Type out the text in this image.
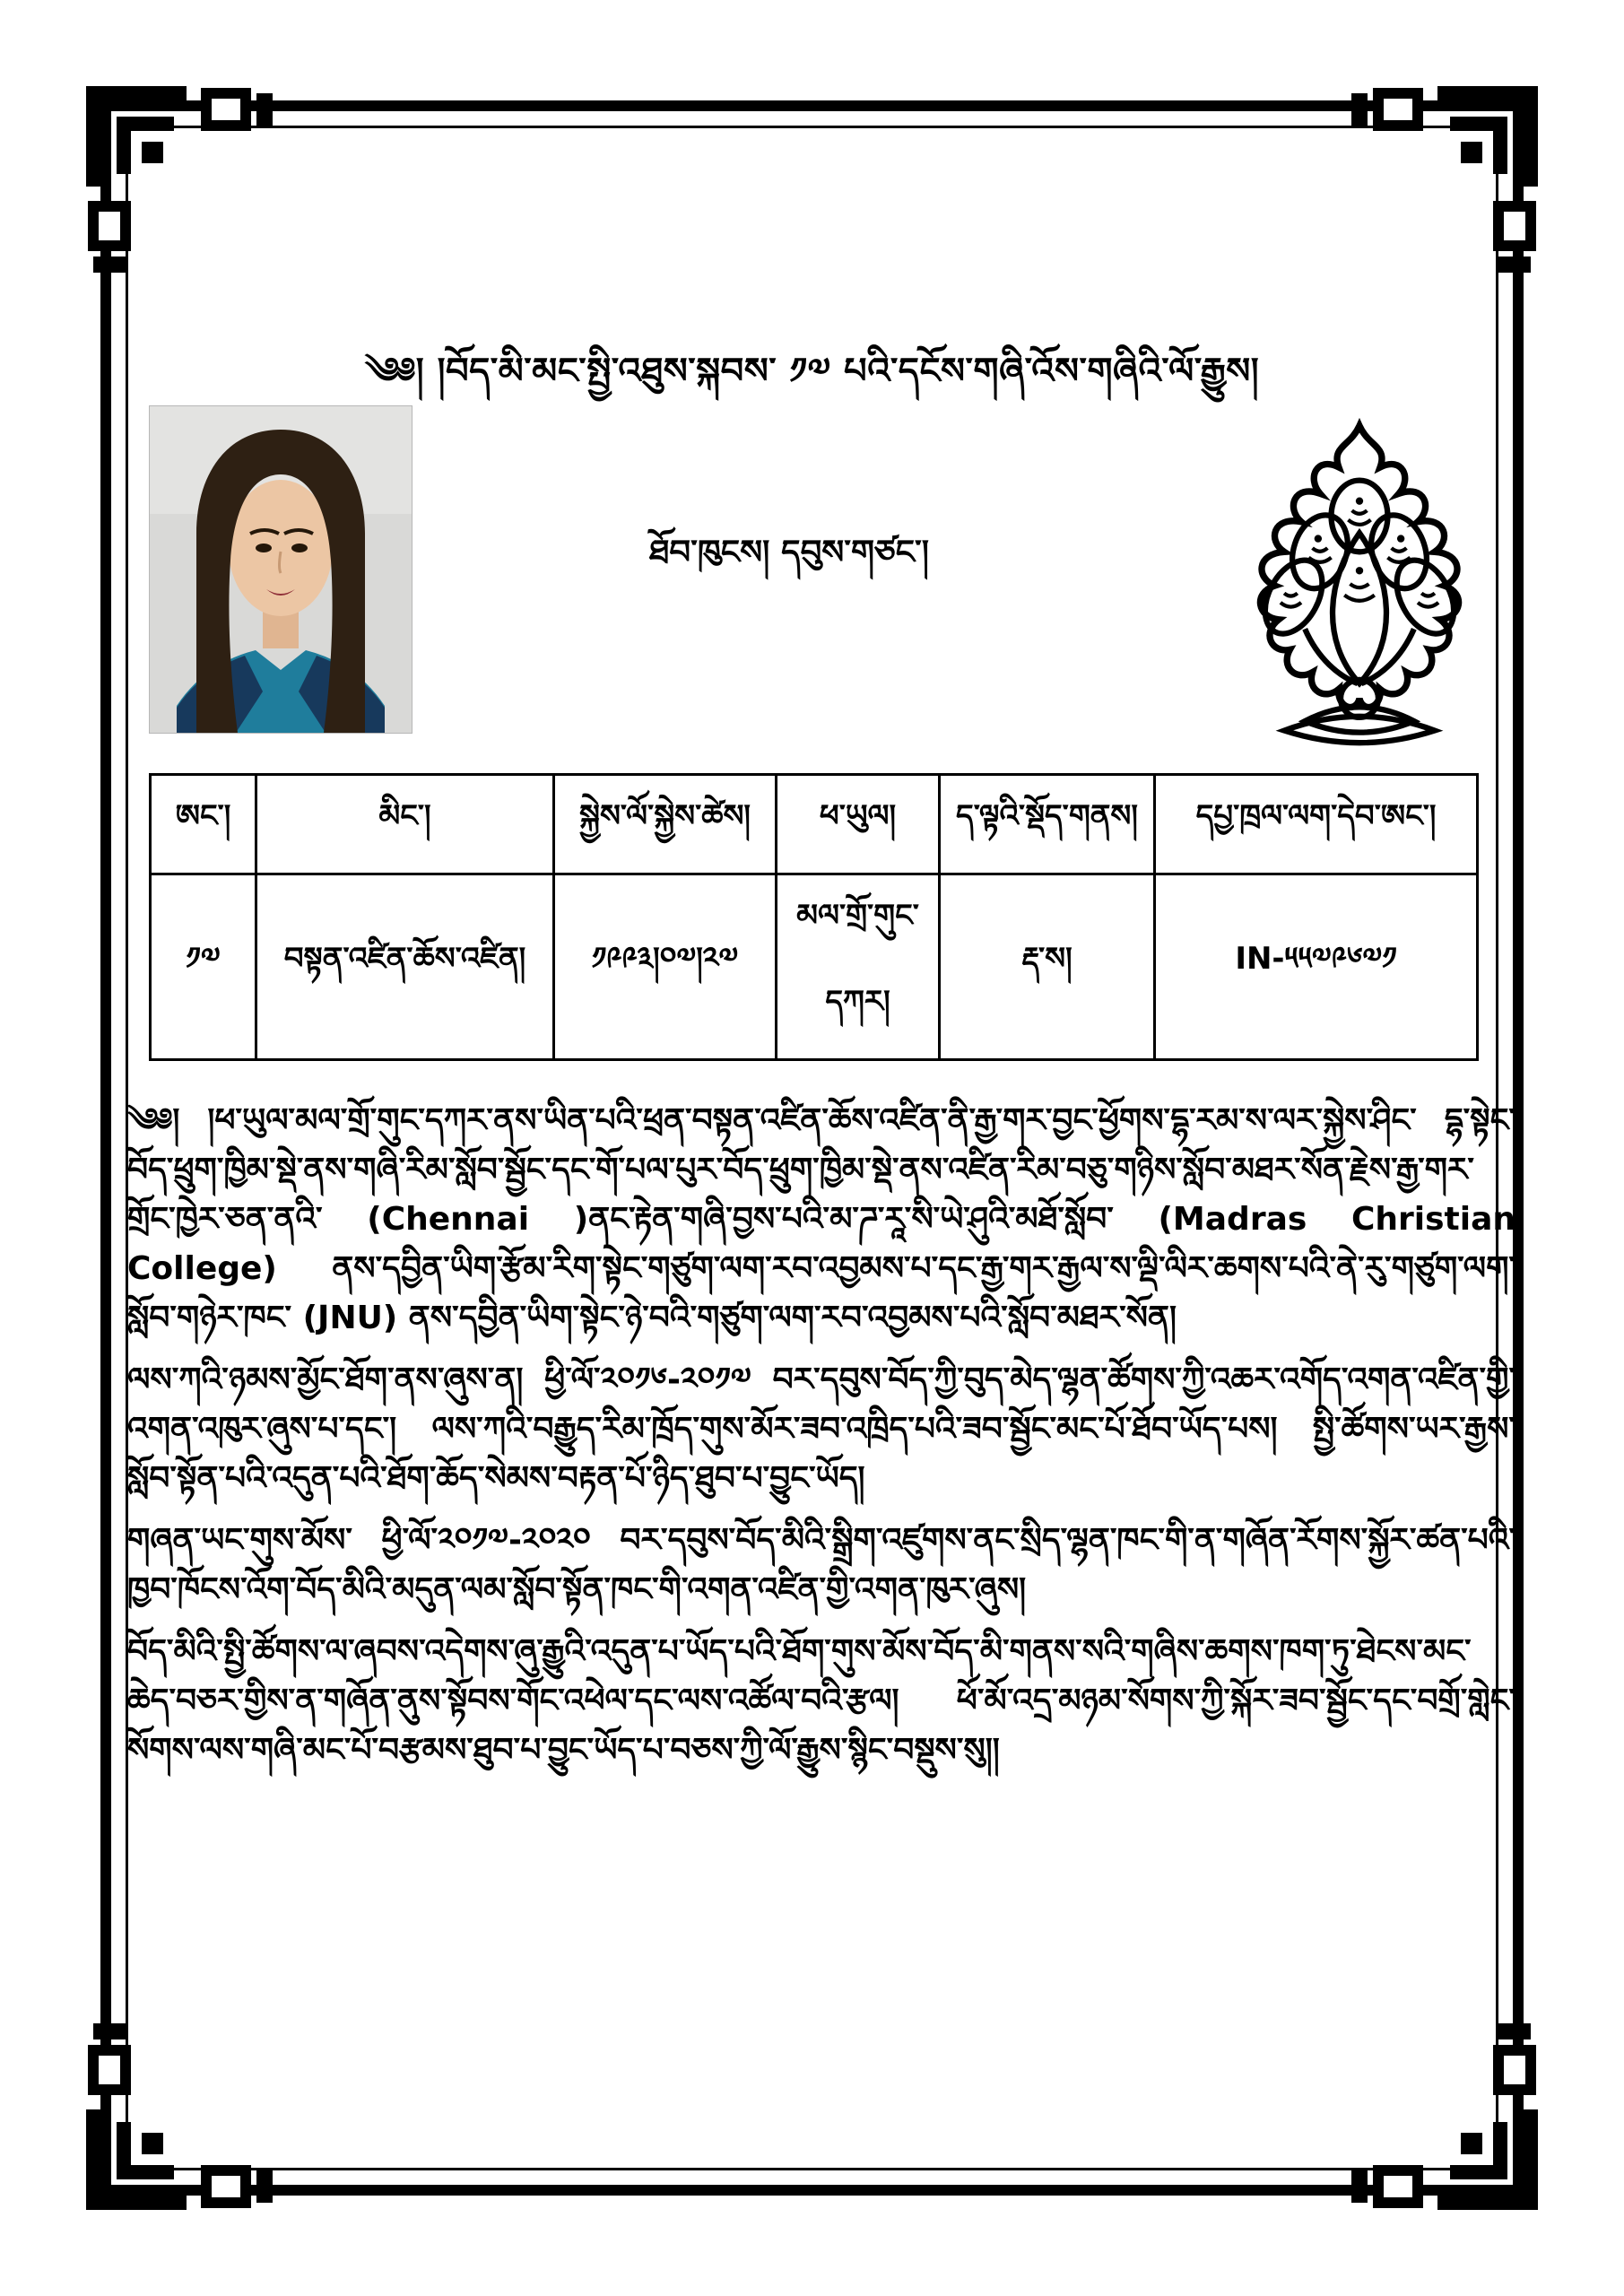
༄༅། །བོད་མི་མང་སྤྱི་འཐུས་སྐབས་ ༡༧ པའི་དངོས་གཞི་འོས་གཞིའི་ལོ་རྒྱུས།
ཐོབ་ཁུངས། དབུས་གཙང་།
ཨང་།	མིང་།	སྐྱེས་ལོ་སྐྱེས་ཚེས།	ཕ་ཡུལ།	ད་ལྟའི་སྡོད་གནས།	དཔྱ་ཁྲལ་ལག་དེབ་ཨང་།
༡༧	བསྟན་འཛིན་ཆོས་འཛིན།	༡༩༩༣།༠༧།༢༧	མལ་གྲོ་གུང་དཀར།	རྡ་ས།	IN-༥༥༧༩༦༧༡

༄༅། །ཕ་ཡུལ་མལ་གྲོ་གུང་དཀར་ནས་ཡིན་པའི་ཕྲན་བསྟན་འཛིན་ཆོས་འཛིན་ནི་རྒྱ་གར་བྱང་ཕྱོགས་དྷ་རམ་ས་ལར་སྐྱེས་ཤིང་ དྷ་སྟེང་བོད་ཕྲུག་ཁྱིམ་སྡེ་ནས་གཞི་རིམ་སློབ་སྦྱོང་དང་གོ་པལ་པུར་བོད་ཕྲུག་ཁྱིམ་སྡེ་ནས་འཛིན་རིམ་བཅུ་གཉིས་སློབ་མཐར་སོན་རྗེས་རྒྱ་གར་གྲོང་ཁྱེར་ཅན་ནའི་ (Chennai )ནང་རྟེན་གཞི་བྱས་པའི་མ་ཌ་རཱ་སི་ཡེ་ཤུའི་མཐོ་སློབ་ (Madras Christian College)　ནས་དབྱིན་ཡིག་རྩོམ་རིག་སྟེང་གཙུག་ལག་རབ་འབྱམས་པ་དང་རྒྱ་གར་རྒྱལ་ས་ལྡི་ལིར་ཆགས་པའི་ནེ་རུ་གཙུག་ལག་སློབ་གཉེར་ཁང་ (JNU) ནས་དབྱིན་ཡིག་སྟེང་ཉེ་བའི་གཙུག་ལག་རབ་འབྱམས་པའི་སློབ་མཐར་སོན།

ལས་ཀའི་ཉམས་མྱོང་ཐོག་ནས་ཞུས་ན། ཕྱི་ལོ་༢༠༡༦-༢༠༡༧ བར་དབུས་བོད་ཀྱི་བུད་མེད་ལྷན་ཚོགས་ཀྱི་འཆར་འགོད་འགན་འཛིན་གྱི་འགན་འཁུར་ཞུས་པ་དང་། ལས་ཀའི་བརྒྱུད་རིམ་ཁྲོད་གུས་མོར་ཟབ་འཁྲིད་པའི་ཟབ་སྦྱོང་མང་པོ་ཐོབ་ཡོད་པས། སྤྱི་ཚོགས་ཡར་རྒྱས་སློབ་སྟོན་པའི་འདུན་པའི་ཐོག་ཆོད་སེམས་བརྟན་པོ་ཉིད་ཐུབ་པ་བྱུང་ཡོད།

གཞན་ཡང་གུས་མོས་ ཕྱི་ལོ་༢༠༡༧-༢༠༢༠ བར་དབུས་བོད་མིའི་སྒྲིག་འཛུགས་ནང་སྲིད་ལྷན་ཁང་གི་ན་གཞོན་རོགས་སྐྱོར་ཚན་པའི་ཁྱབ་ཁོངས་འོག་བོད་མིའི་མདུན་ལམ་སློབ་སྟོན་ཁང་གི་འགན་འཛིན་གྱི་འགན་ཁུར་ཞུས།

བོད་མིའི་སྤྱི་ཚོགས་ལ་ཞབས་འདེགས་ཞུ་རྒྱུའི་འདུན་པ་ཡོད་པའི་ཐོག་གུས་མོས་བོད་མི་གནས་སའི་གཞིས་ཆགས་ཁག་ཏུ་ཐེངས་མང་ཆེད་བཅར་གྱིས་ན་གཞོན་ནུས་སྟོབས་གོང་འཕེལ་དང་ལས་འཚོལ་བའི་རྩལ། ཕོ་མོ་འདྲ་མཉམ་སོགས་ཀྱི་སྐོར་ཟབ་སྦྱོང་དང་བགྲོ་གླེང་སོགས་ལས་གཞི་མང་པོ་བརྩམས་ཐུབ་པ་བྱུང་ཡོད་པ་བཅས་ཀྱི་ལོ་རྒྱུས་སྙིང་བསྡུས་སུ།།
